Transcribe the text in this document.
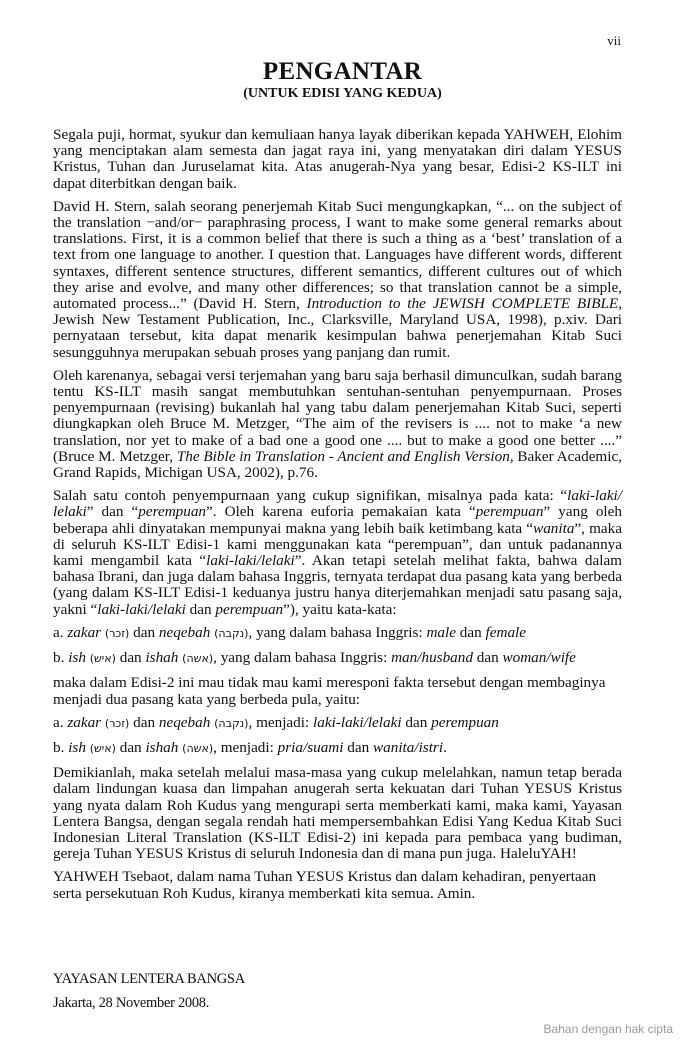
vii
PENGANTAR
(UNTUK EDISI YANG KEDUA)

Segala puji, hormat, syukur dan kemuliaan hanya layak diberikan kepada YAHWEH, Elohim yang menciptakan alam semesta dan jagat raya ini, yang menyatakan diri dalam YESUS Kristus, Tuhan dan Juruselamat kita. Atas anugerah-Nya yang besar, Edisi-2 KS-ILT ini dapat diterbitkan dengan baik.

David H. Stern, salah seorang penerjemah Kitab Suci mengungkapkan, “... on the subject of the translation −and/or− paraphrasing process, I want to make some general remarks about translations. First, it is a common belief that there is such a thing as a ‘best’ translation of a text from one language to another. I question that. Languages have different words, different syntaxes, different sentence structures, different semantics, different cultures out of which they arise and evolve, and many other differences; so that translation cannot be a simple, automated process...” (David H. Stern, Introduction to the JEWISH COMPLETE BIBLE, Jewish New Testament Publication, Inc., Clarksville, Maryland USA, 1998), p.xiv. Dari pernyataan tersebut, kita dapat menarik kesimpulan bahwa penerjemahan Kitab Suci sesungguhnya merupakan sebuah proses yang panjang dan rumit.

Oleh karenanya, sebagai versi terjemahan yang baru saja berhasil dimunculkan, sudah barang tentu KS-ILT masih sangat membutuhkan sentuhan-sentuhan penyempurnaan. Proses penyempurnaan (revising) bukanlah hal yang tabu dalam penerjemahan Kitab Suci, seperti diungkapkan oleh Bruce M. Metzger, “The aim of the revisers is .... not to make ‘a new translation, nor yet to make of a bad one a good one .... but to make a good one better ....” (Bruce M. Metzger, The Bible in Translation - Ancient and English Version, Baker Academic, Grand Rapids, Michigan USA, 2002), p.76.

Salah satu contoh penyempurnaan yang cukup signifikan, misalnya pada kata: “laki-laki/ lelaki” dan “perempuan”. Oleh karena euforia pemakaian kata “perempuan” yang oleh beberapa ahli dinyatakan mempunyai makna yang lebih baik ketimbang kata “wanita”, maka di seluruh KS-ILT Edisi-1 kami menggunakan kata “perempuan”, dan untuk padanannya kami mengambil kata “laki-laki/lelaki”. Akan tetapi setelah melihat fakta, bahwa dalam bahasa Ibrani, dan juga dalam bahasa Inggris, ternyata terdapat dua pasang kata yang berbeda (yang dalam KS-ILT Edisi-1 keduanya justru hanya diterjemahkan menjadi satu pasang saja, yakni “laki-laki/lelaki dan perempuan”), yaitu kata-kata:

a. zakar (זכר) dan neqebah (נקבה), yang dalam bahasa Inggris: male dan female

b. ish (איש) dan ishah (אשה), yang dalam bahasa Inggris: man/husband dan woman/wife

maka dalam Edisi-2 ini mau tidak mau kami meresponi fakta tersebut dengan membaginya menjadi dua pasang kata yang berbeda pula, yaitu:

a. zakar (זכר) dan neqebah (נקבה), menjadi: laki-laki/lelaki dan perempuan

b. ish (איש) dan ishah (אשה), menjadi: pria/suami dan wanita/istri.

Demikianlah, maka setelah melalui masa-masa yang cukup melelahkan, namun tetap berada dalam lindungan kuasa dan limpahan anugerah serta kekuatan dari Tuhan YESUS Kristus yang nyata dalam Roh Kudus yang mengurapi serta memberkati kami, maka kami, Yayasan Lentera Bangsa, dengan segala rendah hati mempersembahkan Edisi Yang Kedua Kitab Suci Indonesian Literal Translation (KS-ILT Edisi-2) ini kepada para pembaca yang budiman, gereja Tuhan YESUS Kristus di seluruh Indonesia dan di mana pun juga. HaleluYAH!

YAHWEH Tsebaot, dalam nama Tuhan YESUS Kristus dan dalam kehadiran, penyertaan serta persekutuan Roh Kudus, kiranya memberkati kita semua. Amin.

YAYASAN LENTERA BANGSA
Jakarta, 28 November 2008.
Bahan dengan hak cipta
